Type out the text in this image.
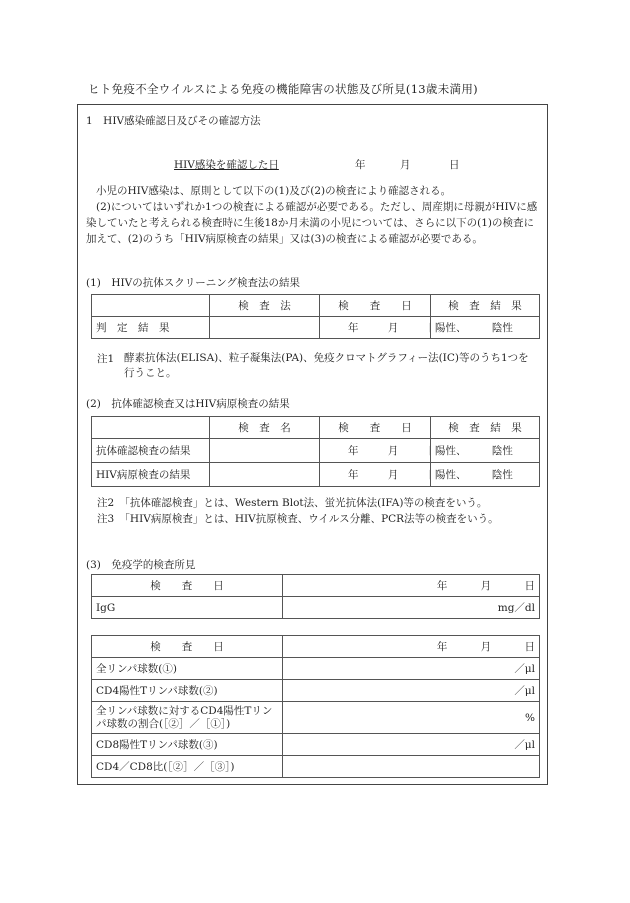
ヒト免疫不全ウイルスによる免疫の機能障害の状態及び所見(13歳未満用)
1　HIV感染確認日及びその確認方法
HIV感染を確認した日	年	月	日
小児のHIV感染は、原則として以下の(1)及び(2)の検査により確認される。
(2)についてはいずれか1つの検査による確認が必要である。ただし、周産期に母親がHIVに感染していたと考えられる検査時に生後18か月未満の小児については、さらに以下の(1)の検査に加えて、(2)のうち「HIV病原検査の結果」又は(3)の検査による確認が必要である。
(1)　HIVの抗体スクリーニング検査法の結果
	検　査　法	検　　査　　日	検　査　結　果

判　定　結　果		年 月	陽性、 陰性
注1 酵素抗体法(ELISA)、粒子凝集法(PA)、免疫クロマトグラフィー法(IC)等のうち1つを行うこと。
(2)　抗体確認検査又はHIV病原検査の結果
	検　査　名	検　　査　　日	検　査　結　果
抗体確認検査の結果		年 月	陽性、 陰性
HIV病原検査の結果		年 月	陽性、 陰性
注2　「抗体確認検査」とは、Western Blot法、蛍光抗体法(IFA)等の検査をいう。
注3　「HIV病原検査」とは、HIV抗原検査、ウイルス分離、PCR法等の検査をいう。
(3)　免疫学的検査所見
検　　査　　日	年 月 日
IgG	mg／dl
検　　査　　日	年 月 日
全リンパ球数(①)	／μl
CD4陽性Tリンパ球数(②)	／μl
全リンパ球数に対するCD4陽性Tリンパ球数の割合(［②］／［①］)	%
CD8陽性Tリンパ球数(③)	／μl
CD4／CD8比(［②］／［③］)	
